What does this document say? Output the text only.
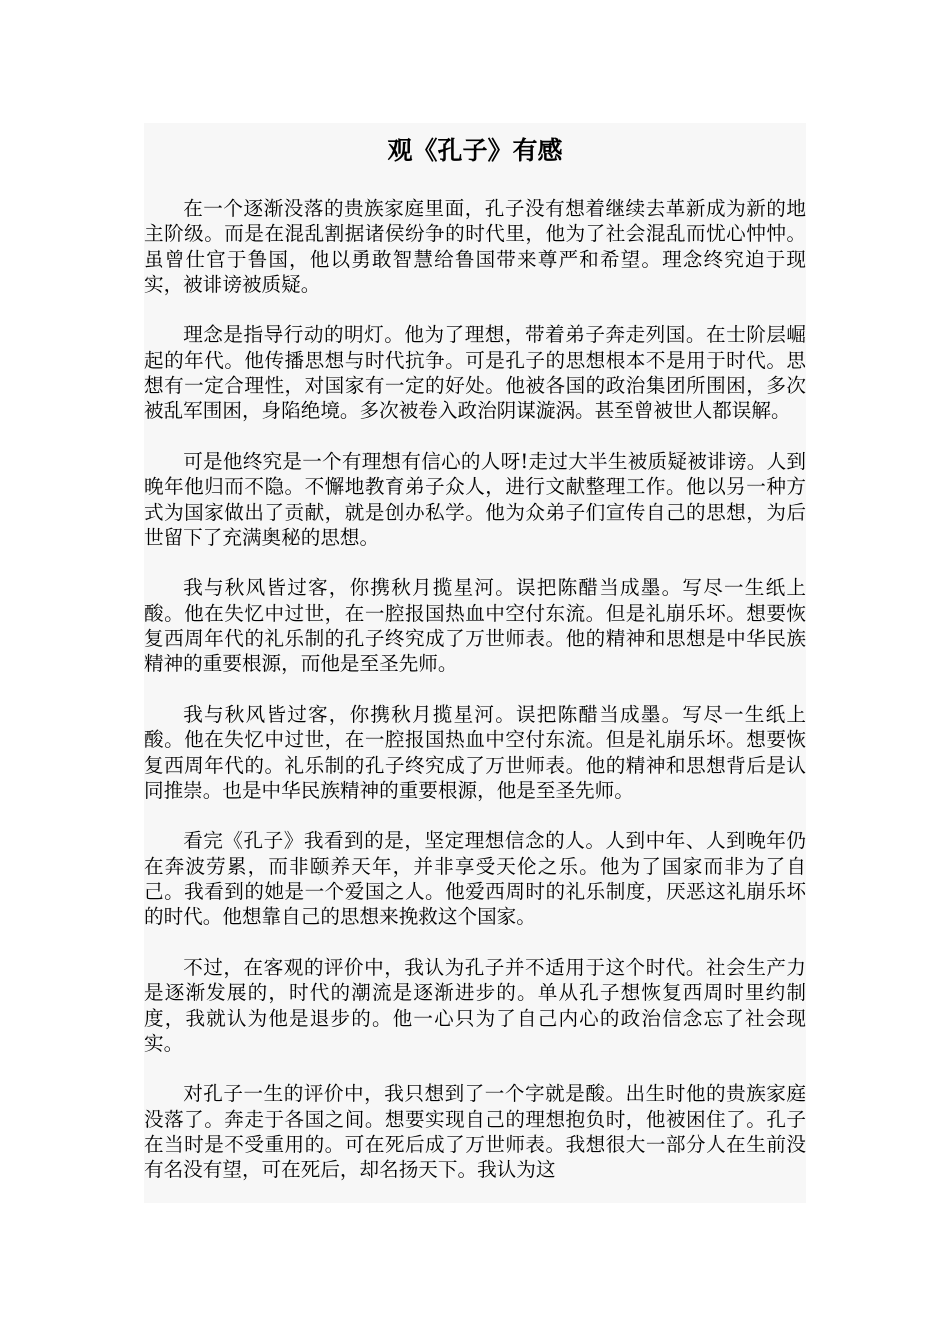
观《孔子》有感

在一个逐渐没落的贵族家庭里面，孔子没有想着继续去革新成为新的地主阶级。而是在混乱割据诸侯纷争的时代里，他为了社会混乱而忧心忡忡。虽曾仕官于鲁国，他以勇敢智慧给鲁国带来尊严和希望。理念终究迫于现实，被诽谤被质疑。

理念是指导行动的明灯。他为了理想，带着弟子奔走列国。在士阶层崛起的年代。他传播思想与时代抗争。可是孔子的思想根本不是用于时代。思想有一定合理性，对国家有一定的好处。他被各国的政治集团所围困，多次被乱军围困，身陷绝境。多次被卷入政治阴谋漩涡。甚至曾被世人都误解。

可是他终究是一个有理想有信心的人呀!走过大半生被质疑被诽谤。人到晚年他归而不隐。不懈地教育弟子众人，进行文献整理工作。他以另一种方式为国家做出了贡献，就是创办私学。他为众弟子们宣传自己的思想，为后世留下了充满奥秘的思想。

我与秋风皆过客，你携秋月揽星河。误把陈醋当成墨。写尽一生纸上酸。他在失忆中过世，在一腔报国热血中空付东流。但是礼崩乐坏。想要恢复西周年代的礼乐制的孔子终究成了万世师表。他的精神和思想是中华民族精神的重要根源，而他是至圣先师。

我与秋风皆过客，你携秋月揽星河。误把陈醋当成墨。写尽一生纸上酸。他在失忆中过世，在一腔报国热血中空付东流。但是礼崩乐坏。想要恢复西周年代的。礼乐制的孔子终究成了万世师表。他的精神和思想背后是认同推崇。也是中华民族精神的重要根源，他是至圣先师。

看完《孔子》我看到的是，坚定理想信念的人。人到中年、人到晚年仍在奔波劳累，而非颐养天年，并非享受天伦之乐。他为了国家而非为了自己。我看到的她是一个爱国之人。他爱西周时的礼乐制度，厌恶这礼崩乐坏的时代。他想靠自己的思想来挽救这个国家。

不过，在客观的评价中，我认为孔子并不适用于这个时代。社会生产力是逐渐发展的，时代的潮流是逐渐进步的。单从孔子想恢复西周时里约制度，我就认为他是退步的。他一心只为了自己内心的政治信念忘了社会现实。

对孔子一生的评价中，我只想到了一个字就是酸。出生时他的贵族家庭没落了。奔走于各国之间。想要实现自己的理想抱负时，他被困住了。孔子在当时是不受重用的。可在死后成了万世师表。我想很大一部分人在生前没有名没有望，可在死后，却名扬天下。我认为这
